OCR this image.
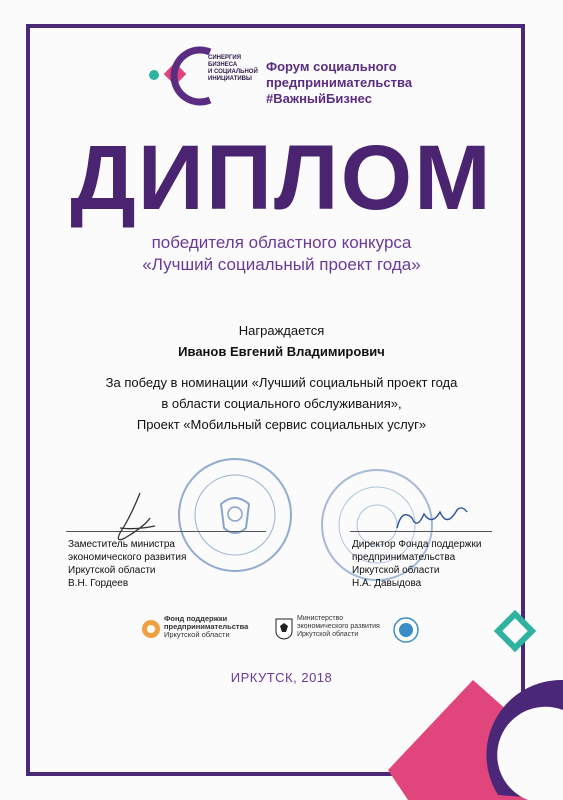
СИНЕРГИЯ
БИЗНЕСА
И СОЦИАЛЬНОЙ
ИНИЦИАТИВЫ
Форум социального
предпринимательства
#ВажныйБизнес
ДИПЛОМ
победителя областного конкурса
«Лучший социальный проект года»
Награждается
Иванов Евгений Владимирович
За победу в номинации «Лучший социальный проект года
в области социального обслуживания»,
Проект «Мобильный сервис социальных услуг»
Заместитель министра
экономического развития
Иркутской области
В.Н. Гордеев
Директор Фонда поддержки
предпринимательства
Иркутской области
Н.А. Давыдова
Фонд поддержки
предпринимательства
Иркутской области
Министерство
экономического развития
Иркутской области
ИРКУТСК, 2018
